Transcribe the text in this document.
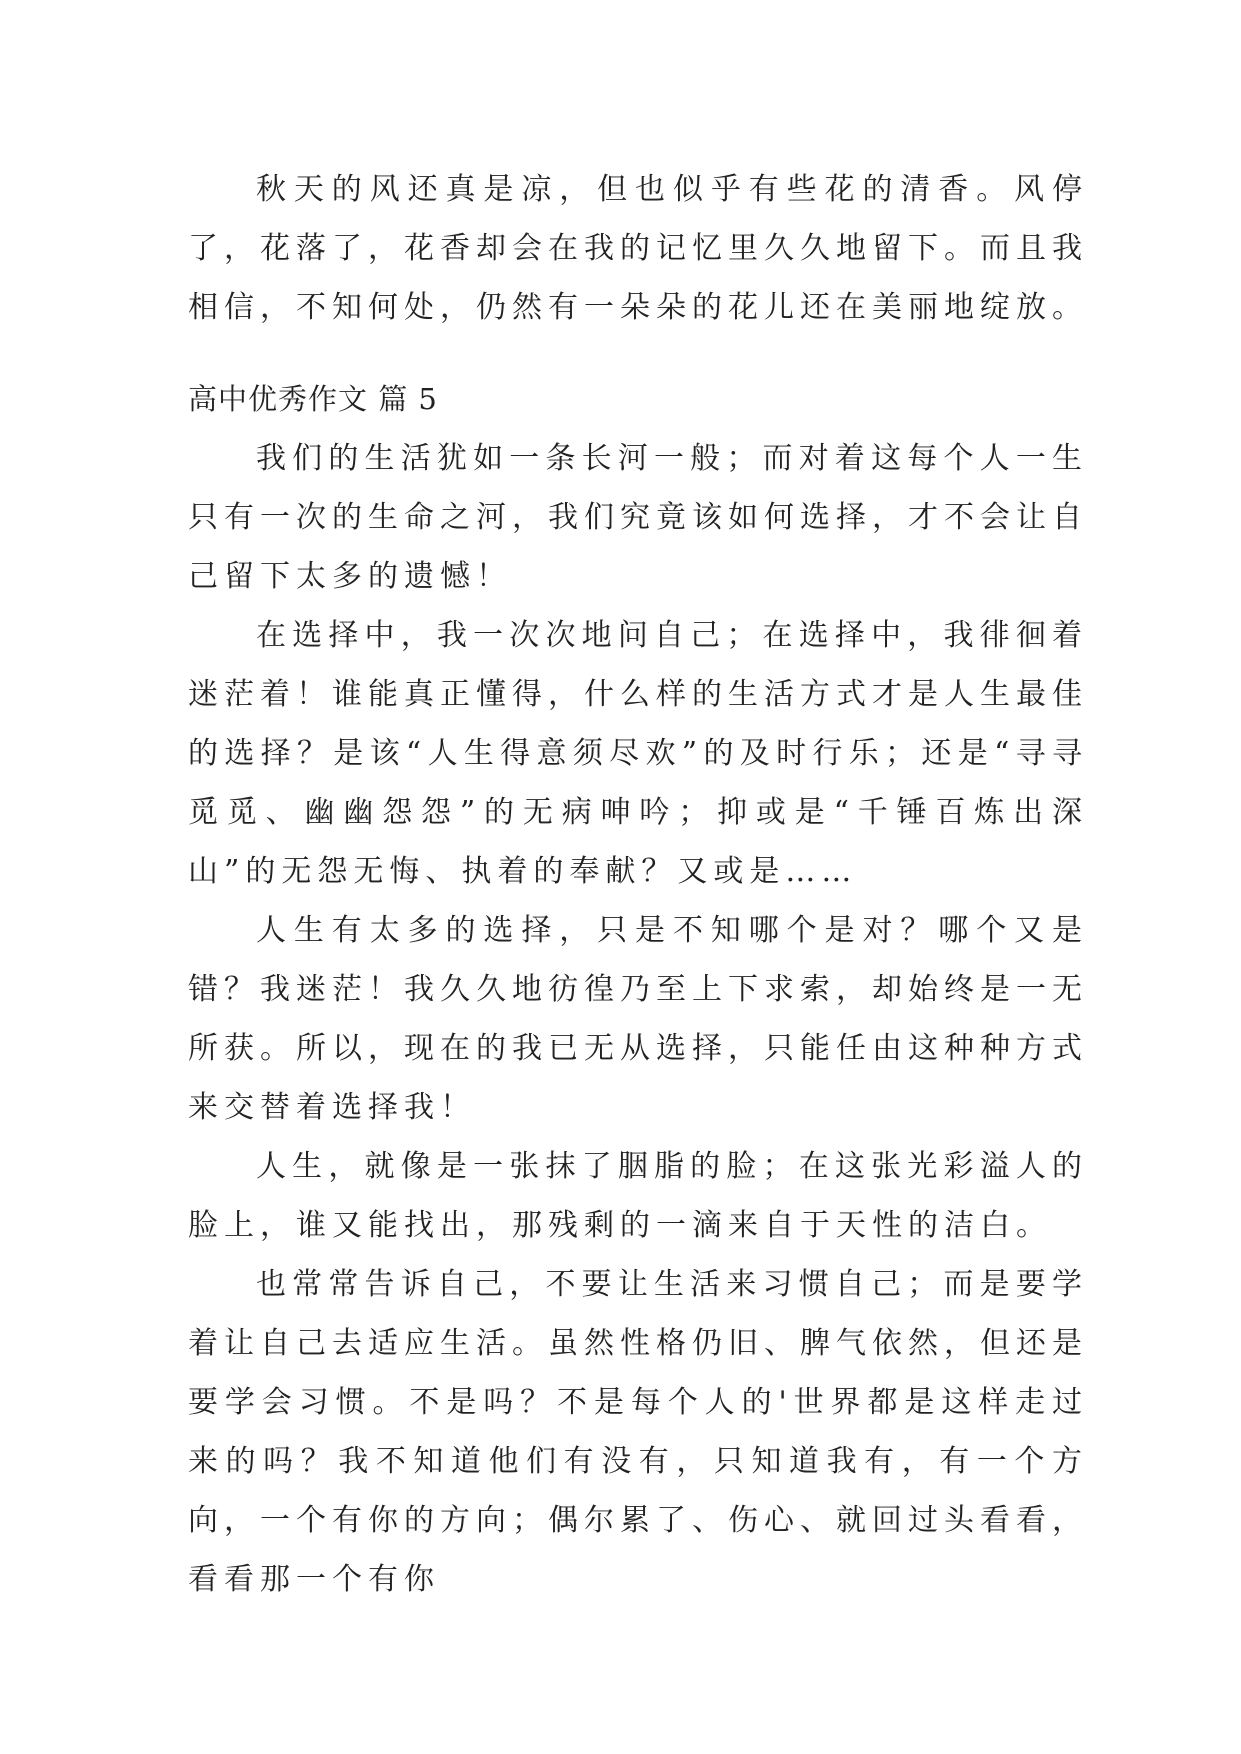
秋天的风还真是凉，但也似乎有些花的清香。风停了，花落了，花香却会在我的记忆里久久地留下。而且我相信，不知何处，仍然有一朵朵的花儿还在美丽地绽放。

高中优秀作文 篇 5

我们的生活犹如一条长河一般；而对着这每个人一生只有一次的生命之河，我们究竟该如何选择，才不会让自己留下太多的遗憾！

在选择中，我一次次地问自己；在选择中，我徘徊着迷茫着！谁能真正懂得，什么样的生活方式才是人生最佳的选择？是该“人生得意须尽欢”的及时行乐；还是“寻寻觅觅、幽幽怨怨”的无病呻吟；抑或是“千锤百炼出深山”的无怨无悔、执着的奉献？又或是……

人生有太多的选择，只是不知哪个是对？哪个又是错？我迷茫！我久久地彷徨乃至上下求索，却始终是一无所获。所以，现在的我已无从选择，只能任由这种种方式来交替着选择我！

人生，就像是一张抹了胭脂的脸；在这张光彩溢人的脸上，谁又能找出，那残剩的一滴来自于天性的洁白。

也常常告诉自己，不要让生活来习惯自己；而是要学着让自己去适应生活。虽然性格仍旧、脾气依然，但还是要学会习惯。不是吗？不是每个人的'世界都是这样走过来的吗？我不知道他们有没有，只知道我有，有一个方向，一个有你的方向；偶尔累了、伤心、就回过头看看，看看那一个有你
